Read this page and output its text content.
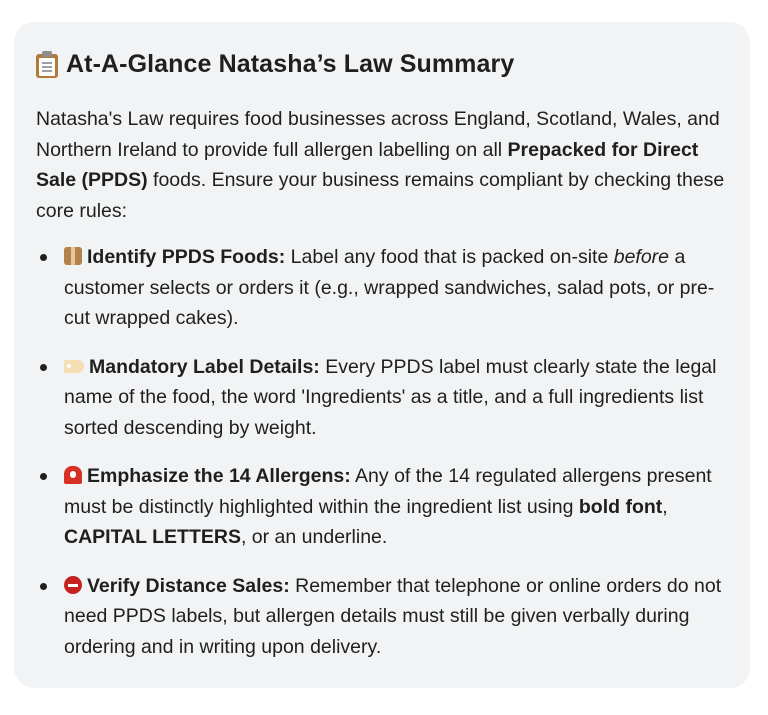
At-A-Glance Natasha’s Law Summary
Natasha's Law requires food businesses across England, Scotland, Wales, and Northern Ireland to provide full allergen labelling on all Prepacked for Direct Sale (PPDS) foods. Ensure your business remains compliant by checking these core rules:
Identify PPDS Foods: Label any food that is packed on-site before a customer selects or orders it (e.g., wrapped sandwiches, salad pots, or pre-cut wrapped cakes).
Mandatory Label Details: Every PPDS label must clearly state the legal name of the food, the word 'Ingredients' as a title, and a full ingredients list sorted descending by weight.
Emphasize the 14 Allergens: Any of the 14 regulated allergens present must be distinctly highlighted within the ingredient list using bold font, CAPITAL LETTERS, or an underline.
Verify Distance Sales: Remember that telephone or online orders do not need PPDS labels, but allergen details must still be given verbally during ordering and in writing upon delivery.
